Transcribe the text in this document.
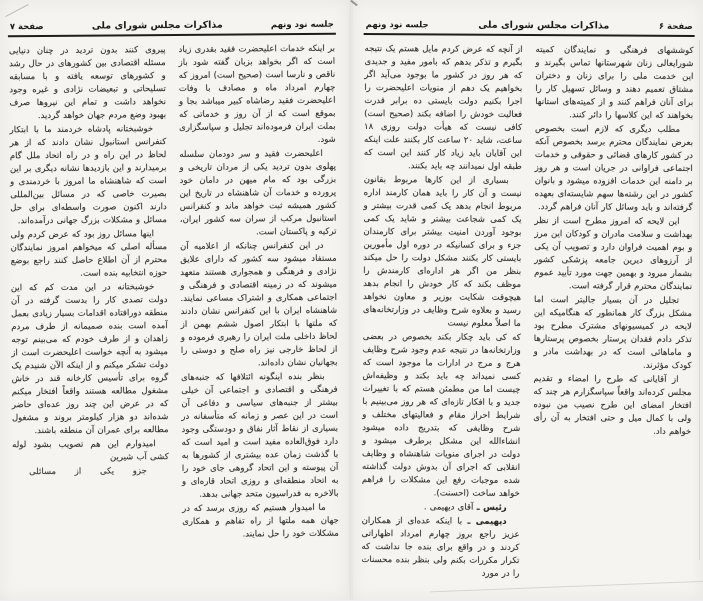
صفحة ۶
مذاکرات مجلس شورای ملی
جلسه نود ونهم

کوششهای فرهنگی و نمایندگان کمیته شورایعالی زنان شهرستانها تماس بگیرند و این خدمت ملی را برای زنان و دختران مشتاق تعمیم دهند و وسائل تسهیل کار را برای آنان فراهم کنند و از کمیته‌های استانها بخواهند که این کلاسها را دائر کنند.

مطلب دیگری که لازم است بخصوص بعرض نمایندگان محترم برسد بخصوص آنکه در کشور کارهای قضائی و حقوقی و خدمات اجتماعی فراوانی در جریان است و هر روز بر دامنه این خدمات افزوده میشود و بانوان کشور در این رشته‌ها سهم شایسته‌ای بعهده گرفته‌اند و باید وسائل کار آنان فراهم گردد.

این لایحه که امروز مطرح است از نظر بهداشت و سلامت مادران و کودکان این مرز و بوم اهمیت فراوان دارد و تصویب آن یکی از آرزوهای دیرین جامعه پزشکی کشور بشمار میرود و بهمین جهت مورد تأیید عموم نمایندگان محترم قرار گرفته است.

تجلیل در آن بسیار جالبتر است اما مشکل بزرگ کار همانطور که هنگامیکه این لایحه در کمیسیونهای مشترک مطرح بود تذکر دادم فقدان پرستار بخصوص پرستارها و ماماهائی است که در بهداشت مادر و کودک مؤثرند.

از آقایانی که طرح را امضاء و تقدیم مجلس کرده‌اند واقعاً سپاسگزارم هر چند که افتخار امضای این طرح نصیب من نبوده ولی با کمال میل و حتی افتخار به آن رأی خواهم داد.

از آنچه که عرض کردم مایل هستم یک نتیجه بگیرم و تذکر بدهم که بامور مفید و جدیدی که هر روز در کشور ما بوجود می‌آید اگر بخواهیم یک دهم از منویات اعلیحضرت را اجرا بکنیم دولت بایستی ده برابر قدرت فعالیت خودش را اضافه بکند (صحیح است) کافی نیست که هیأت دولت روزی ۱۸ ساعت، شاید ۲۰ ساعت کار بکنند علت اینکه این آقایان باید زیاد کار کنند این است که طبقه اول نمیدانند چه باید بکنند.

بسیاری از این کارها مربوط بقانون نیست و آن کار را باید همان کارمند اداره مربوط انجام بدهد یک کمی قدرت بیشتر و یک کمی شجاعت بیشتر و شاید یک کمی بوجود آوردن امنیت بیشتر برای کارمندان جزء و برای کسانیکه در دوره اول مأمورین بایستی کار بکنند مشکل دولت را حل میکند بنظر من اگر هر اداره‌ای کارمندش را موظف بکند که کار خودش را انجام بدهد هیچوقت شکایت بوزیر و معاون نخواهد رسید و بعلاوه شرح وظایف در وزارتخانه‌های ما اصلاً معلوم نیست

که کی باید چکار بکند بخصوص در بعضی وزارتخانه‌ها در نتیجه عدم وجود شرح وظایف هرج و مرج در ادارات ما موجود است که کسی نمیداند چه باید بکند و وظیفه‌اش چیست اما من مطمئن هستم که با تغییرات جدید و با افکار تازه‌ای که هر روز می‌بینیم با شرایط احراز مقام و فعالیتهای مختلف و شرح وظایفی که بتدریج داده میشود انشاءالله این مشکل برطرف میشود و دولت در اجرای منویات شاهنشاه و وظایف انقلابی که اجرای آن بدوش دولت گذاشته شده موجبات رفع این مشکلات را فراهم خواهد ساخت (احسنت).

رئیس ـ آقای دیهیمی .

دیهیمی ـ با اینکه عده‌ای از همکاران عزیز راجع بروز چهارم امرداد اظهاراتی کردند و در واقع برای بنده جا نداشت که تکرار مکررات بکنم ولی بنظر بنده محسنات را در مورد

جلسه نود ونهم
مذاکرات مجلس شورای ملی
صفحة ۷

بر اینکه خدمات اعلیحضرت فقید بقدری زیاد است که اگر بخواهد بزبان گفته شود باز ناقص و نارسا است (صحیح است) امروز که چهارم امرداد ماه و مصادف با وفات اعلیحضرت فقید رضاشاه کبیر میباشد بجا و بموقع است که از آن روز و خدماتی که بملت ایران فرموده‌اند تجلیل و سپاسگزاری شود.

اعلیحضرت فقید و سر دودمان سلسله پهلوی بدون تردید یکی از مردان تاریخی و بزرگی بود که مام میهن در دامان خود پرورده و خدمات آن شاهنشاه در تاریخ این کشور همیشه ثبت خواهد ماند و کنفرانس استانبول مرکب از سران سه کشور ایران، ترکیه و پاکستان است.

در این کنفرانس چنانکه از اعلامیه آن مستفاد میشود سه کشور که دارای علایق نژادی و فرهنگی و همجواری هستند متعهد میشوند که در زمینه اقتصادی و فرهنگی و اجتماعی همکاری و اشتراک مساعی نمایند. شاهنشاه ایران با این کنفرانس نشان دادند که ملتها با ابتکار اصول ششم بهمن از لحاظ داخلی ملت ایران را رهبری فرموده و از لحاظ خارجی نیز راه صلح و دوستی را بجهانیان نشان داده‌اند.

بنظر بنده اینگونه ائتلافها که جنبه‌های فرهنگی و اقتصادی و اجتماعی آن خیلی بیشتر از جنبه‌های سیاسی و دفاعی آن است در این عصر و زمانه که متأسفانه در بسیاری از نقاط آثار نفاق و دودستگی وجود دارد فوق‌العاده مفید است و امید است که با گذشت زمان عده بیشتری از کشورها به آن پیوسته و این اتحاد گروهی جای خود را به اتحاد منطقه‌ای و روزی اتحاد قاره‌ای و بالاخره به فدراسیون متحد جهانی بدهد.

ما امیدوار هستیم که روزی برسد که در جهان همه ملتها از راه تفاهم و همکاری مشکلات خود را حل نمایند.

پیروی کنند بدون تردید در چنان دنیایی مسئله اقتصادی بین کشورهای در حال رشد و کشورهای توسعه یافته و با مسابقه تسلیحاتی و تبعیضات نژادی و غیره وجود نخواهد داشت و تمام این نیروها صرف بهبود وضع مردم جهان خواهد گردید.

خوشبختانه پادشاه خردمند ما با ابتکار کنفرانس استانبول نشان دادند که از هر لحاظ در این راه و در راه اتحاد ملل گام برمیدارند و این بازدیدها نشانه دیگری بر این است که شاهنشاه ما امروز با خردمندی و بصیرت خاصی که در مسائل بین‌المللی دارند اکنون صورت واسطه‌ای برای حل مسائل و مشکلات بزرگ جهانی درآمده‌اند.

اینها مسائل روز بود که عرض کردم ولی مسأله اصلی که میخواهم امروز نمایندگان محترم از آن اطلاع حاصل کنند راجع بوضع حوزه انتخابیه بنده است.

خوشبختانه در این مدت کم که این دولت تصدی کار را بدست گرفته در آن منطقه دورافتاده اقدامات بسیار زیادی بعمل آمده است بنده صمیمانه از طرف مردم زاهدان و از طرف خودم که می‌بینم توجه میشود به آنچه خواست اعلیحضرت است از دولت تشکر میکنم و از اینکه الآن شنیدم یک گروه برای تأسیس کارخانه قند در خاش مشغول مطالعه هستند واقعاً افتخار میکنم که در عرض این چند روز عده‌ای حاضر شده‌اند دو هزار کیلومتر بروند و مشغول مطالعه برای عمران آن منطقه باشند.

امیدوارم این هم تصویب بشود لوله کشی آب شیرین

جزو یکی از مسائلی
